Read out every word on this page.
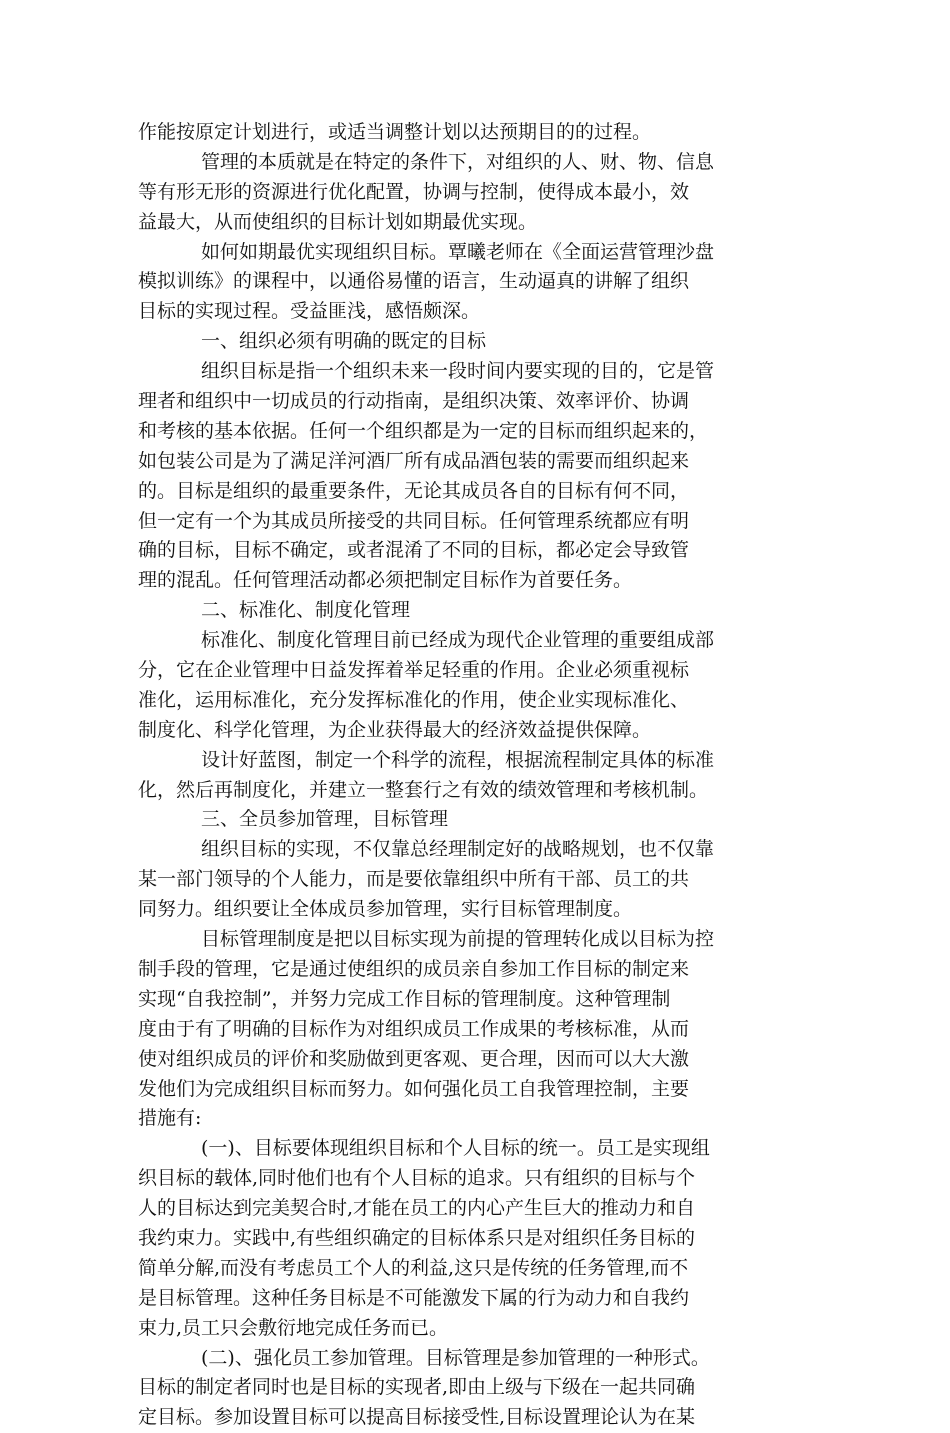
作能按原定计划进行，或适当调整计划以达预期目的的过程。
管理的本质就是在特定的条件下，对组织的人、财、物、信息
等有形无形的资源进行优化配置，协调与控制，使得成本最小，效
益最大，从而使组织的目标计划如期最优实现。
如何如期最优实现组织目标。覃曦老师在《全面运营管理沙盘
模拟训练》的课程中，以通俗易懂的语言，生动逼真的讲解了组织
目标的实现过程。受益匪浅，感悟颇深。
一、组织必须有明确的既定的目标
组织目标是指一个组织未来一段时间内要实现的目的，它是管
理者和组织中一切成员的行动指南，是组织决策、效率评价、协调
和考核的基本依据。任何一个组织都是为一定的目标而组织起来的，
如包装公司是为了满足洋河酒厂所有成品酒包装的需要而组织起来
的。目标是组织的最重要条件，无论其成员各自的目标有何不同，
但一定有一个为其成员所接受的共同目标。任何管理系统都应有明
确的目标，目标不确定，或者混淆了不同的目标，都必定会导致管
理的混乱。任何管理活动都必须把制定目标作为首要任务。
二、标准化、制度化管理
标准化、制度化管理目前已经成为现代企业管理的重要组成部
分，它在企业管理中日益发挥着举足轻重的作用。企业必须重视标
准化，运用标准化，充分发挥标准化的作用，使企业实现标准化、
制度化、科学化管理，为企业获得最大的经济效益提供保障。
设计好蓝图，制定一个科学的流程，根据流程制定具体的标准
化，然后再制度化，并建立一整套行之有效的绩效管理和考核机制。
三、全员参加管理，目标管理
组织目标的实现，不仅靠总经理制定好的战略规划，也不仅靠
某一部门领导的个人能力，而是要依靠组织中所有干部、员工的共
同努力。组织要让全体成员参加管理，实行目标管理制度。
目标管理制度是把以目标实现为前提的管理转化成以目标为控
制手段的管理，它是通过使组织的成员亲自参加工作目标的制定来
实现“自我控制”，并努力完成工作目标的管理制度。这种管理制
度由于有了明确的目标作为对组织成员工作成果的考核标准，从而
使对组织成员的评价和奖励做到更客观、更合理，因而可以大大激
发他们为完成组织目标而努力。如何强化员工自我管理控制，主要
措施有:
(一)、目标要体现组织目标和个人目标的统一。员工是实现组
织目标的载体,同时他们也有个人目标的追求。只有组织的目标与个
人的目标达到完美契合时,才能在员工的内心产生巨大的推动力和自
我约束力。实践中,有些组织确定的目标体系只是对组织任务目标的
简单分解,而没有考虑员工个人的利益,这只是传统的任务管理,而不
是目标管理。这种任务目标是不可能激发下属的行为动力和自我约
束力,员工只会敷衍地完成任务而已。
(二)、强化员工参加管理。目标管理是参加管理的一种形式。
目标的制定者同时也是目标的实现者,即由上级与下级在一起共同确
定目标。参加设置目标可以提高目标接受性,目标设置理论认为在某
